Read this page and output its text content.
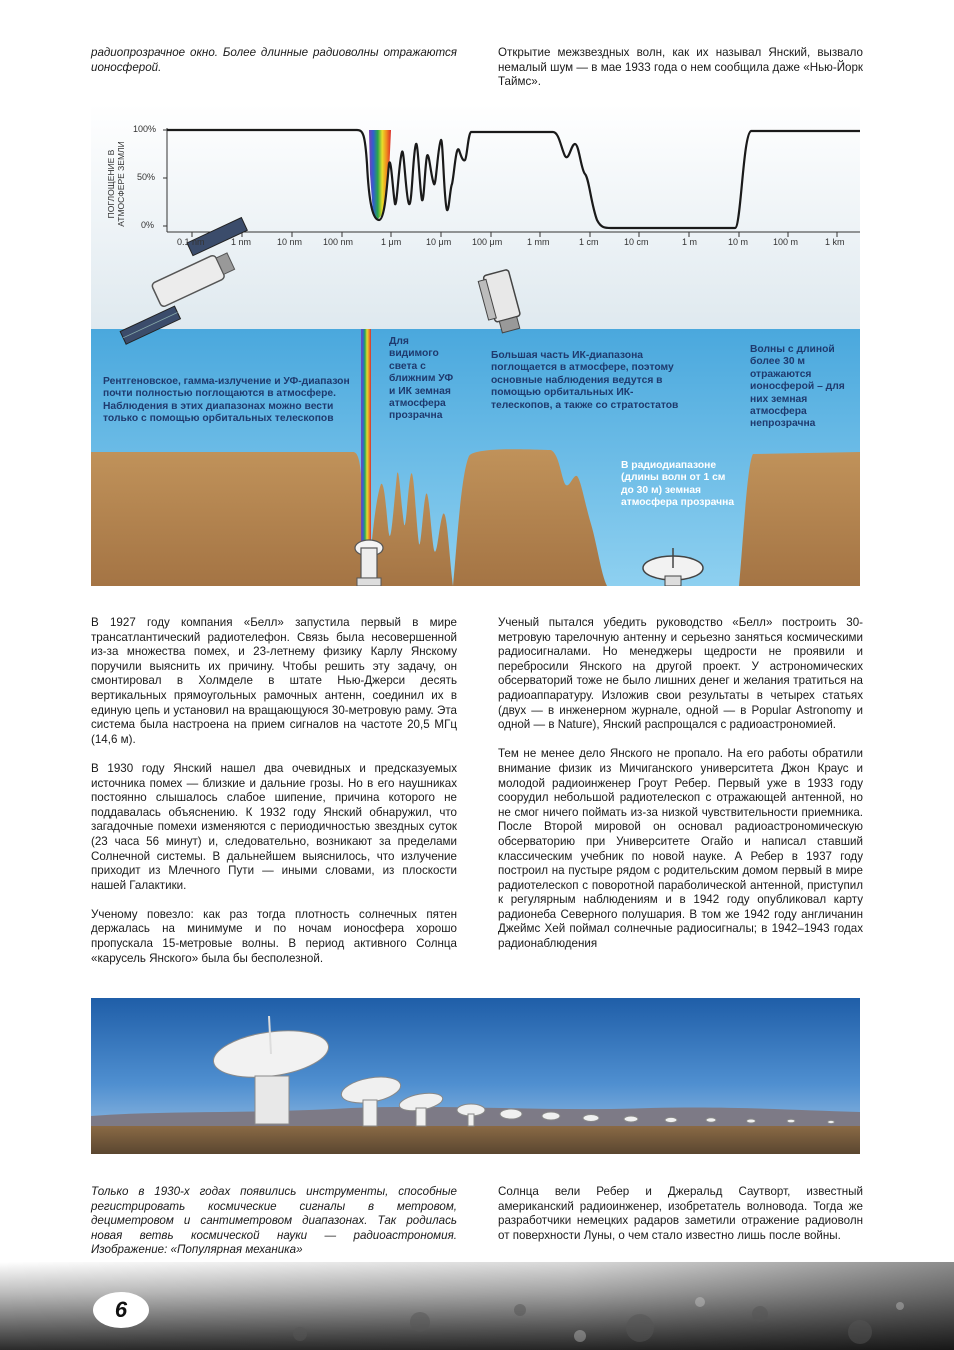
радиопрозрачное окно. Более длинные радиоволны отражаются ионосферой.

Открытие межзвездных волн, как их называл Янский, вызвало немалый шум — в мае 1933 года о нем сообщила даже «Нью-Йорк Таймс».

ПОГЛОЩЕНИЕ В АТМОСФЕРЕ ЗЕМЛИ
100%
50%
0%
0.1 nm	1 nm	10 nm 100 nm	1 μm	10 μm 100 μm	1 mm	1 cm	10 cm	1 m	10 m	100 m	1 km

Рентгеновское, гамма-излучение и УФ-диапазон почти полностью поглощаются в атмосфере. Наблюдения в этих диапазонах можно вести только с помощью орбитальных телескопов

Для видимого света с ближним УФ и ИК земная атмосфера прозрачна

Большая часть ИК-диапазона поглощается в атмосфере, поэтому основные наблюдения ведутся в помощью орбитальных ИК-телескопов, а также со стратостатов

Волны с длиной более 30 м отражаются ионосферой – для них земная атмосфера непрозрачна

В радиодиапазоне (длины волн от 1 см до 30 м) земная атмосфера прозрачна

В 1927 году компания «Белл» запустила первый в мире трансатлантический радиотелефон. Связь была несовершенной из-за множества помех, и 23-летнему физику Карлу Янскому поручили выяснить их причину. Чтобы решить эту задачу, он смонтировал в Холмделе в штате Нью-Джерси десять вертикальных прямоугольных рамочных антенн, соединил их в единую цепь и установил на вращающуюся 30-метровую раму. Эта система была настроена на прием сигналов на частоте 20,5 МГц (14,6 м).

В 1930 году Янский нашел два очевидных и предсказуемых источника помех — близкие и дальние грозы. Но в его наушниках постоянно слышалось слабое шипение, причина которого не поддавалась объяснению. К 1932 году Янский обнаружил, что загадочные помехи изменяются с периодичностью звездных суток (23 часа 56 минут) и, следовательно, возникают за пределами Солнечной системы. В дальнейшем выяснилось, что излучение приходит из Млечного Пути — иными словами, из плоскости нашей Галактики.

Ученому повезло: как раз тогда плотность солнечных пятен держалась на минимуме и по ночам ионосфера хорошо пропускала 15-метровые волны. В период активного Солнца «карусель Янского» была бы бесполезной.

Ученый пытался убедить руководство «Белл» построить 30-метровую тарелочную антенну и серьезно заняться космическими радиосигналами. Но менеджеры щедрости не проявили и перебросили Янского на другой проект. У астрономических обсерваторий тоже не было лишних денег и желания тратиться на радиоаппаратуру. Изложив свои результаты в четырех статьях (двух — в инженерном журнале, одной — в Popular Astronomy и одной — в Nature), Янский распрощался с радиоастрономией.

Тем не менее дело Янского не пропало. На его работы обратили внимание физик из Мичиганского университета Джон Краус и молодой радиоинженер Гроут Ребер. Первый уже в 1933 году соорудил небольшой радиотелескоп с отражающей антенной, но не смог ничего поймать из-за низкой чувствительности приемника. После Второй мировой он основал радиоастрономическую обсерваторию при Университете Огайо и написал ставший классическим учебник по новой науке. А Ребер в 1937 году построил на пустыре рядом с родительским домом первый в мире радиотелескоп с поворотной параболической антенной, приступил к регулярным наблюдениям и в 1942 году опубликовал карту радионеба Северного полушария. В том же 1942 году англичанин Джеймс Хей поймал солнечные радиосигналы; в 1942–1943 годах радионаблюдения

Только в 1930-х годах появились инструменты, способные регистрировать космические сигналы в метровом, дециметровом и сантиметровом диапазонах. Так родилась новая ветвь космической науки — радиоастрономия. Изображение: «Популярная механика»

Солнца вели Ребер и Джеральд Саутворт, известный американский радиоинженер, изобретатель волновода. Тогда же разработчики немецких радаров заметили отражение радиоволн от поверхности Луны, о чем стало известно лишь после войны.

6
